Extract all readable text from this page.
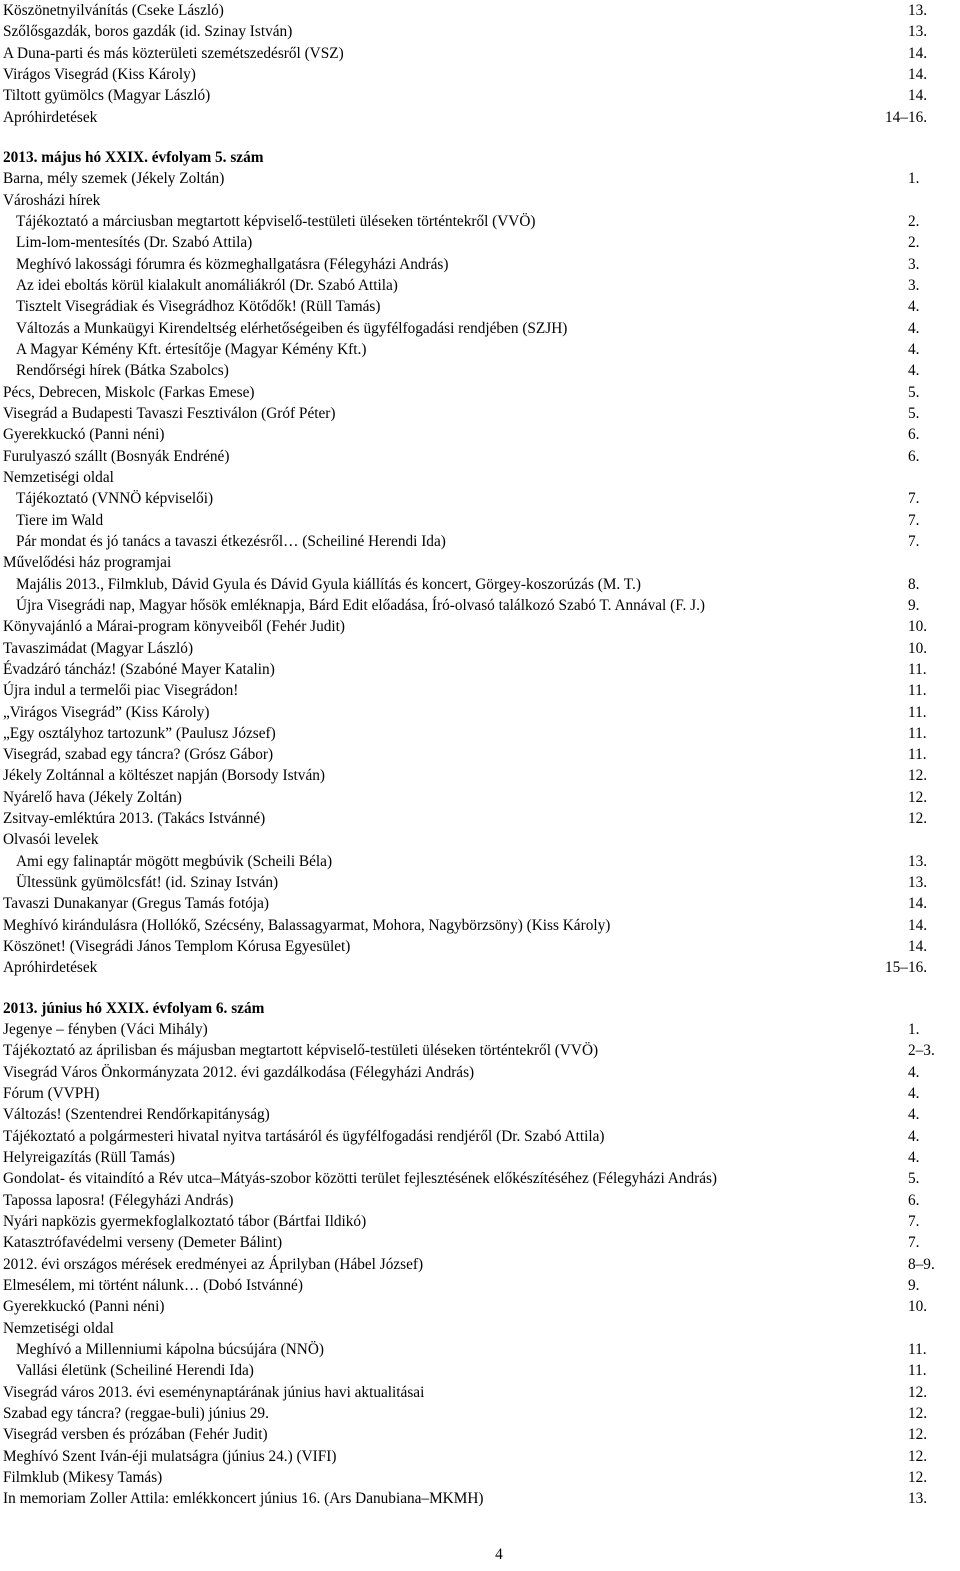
Köszönetnyilvánítás (Cseke László)	13.
Szőlősgazdák, boros gazdák (id. Szinay István)	13.
A Duna-parti és más közterületi szemétszedésről (VSZ)	14.
Virágos Visegrád (Kiss Károly)	14.
Tiltott gyümölcs (Magyar László)	14.
Apróhirdetések	14–16.
2013. május hó XXIX. évfolyam 5. szám
Barna, mély szemek (Jékely Zoltán)	1.
Városházi hírek
Tájékoztató a márciusban megtartott képviselő-testületi üléseken történtekről (VVÖ)	2.
Lim-lom-mentesítés (Dr. Szabó Attila)	2.
Meghívó lakossági fórumra és közmeghallgatásra (Félegyházi András)	3.
Az idei eboltás körül kialakult anomáliákról (Dr. Szabó Attila)	3.
Tisztelt Visegrádiak és Visegrádhoz Kötődők! (Rüll Tamás)	4.
Változás a Munkaügyi Kirendeltség elérhetőségeiben és ügyfélfogadási rendjében (SZJH)	4.
A Magyar Kémény Kft. értesítője (Magyar Kémény Kft.)	4.
Rendőrségi hírek (Bátka Szabolcs)	4.
Pécs, Debrecen, Miskolc (Farkas Emese)	5.
Visegrád a Budapesti Tavaszi Fesztiválon (Gróf Péter)	5.
Gyerekkuckó (Panni néni)	6.
Furulyaszó szállt (Bosnyák Endréné)	6.
Nemzetiségi oldal
Tájékoztató (VNNÖ képviselői)	7.
Tiere im Wald	7.
Pár mondat és jó tanács a tavaszi étkezésről… (Scheiliné Herendi Ida)	7.
Művelődési ház programjai
Majális 2013., Filmklub, Dávid Gyula és Dávid Gyula kiállítás és koncert, Görgey-koszorúzás (M. T.)	8.
Újra Visegrádi nap, Magyar hősök emléknapja, Bárd Edit előadása, Író-olvasó találkozó Szabó T. Annával (F. J.)	9.
Könyvajánló a Márai-program könyveiből (Fehér Judit)	10.
Tavaszimádat (Magyar László)	10.
Évadzáró táncház! (Szabóné Mayer Katalin)	11.
Újra indul a termelői piac Visegrádon!	11.
„Virágos Visegrád” (Kiss Károly)	11.
„Egy osztályhoz tartozunk” (Paulusz József)	11.
Visegrád, szabad egy táncra? (Grósz Gábor)	11.
Jékely Zoltánnal a költészet napján (Borsody István)	12.
Nyárelő hava (Jékely Zoltán)	12.
Zsitvay-emléktúra 2013. (Takács Istvánné)	12.
Olvasói levelek
Ami egy falinaptár mögött megbúvik (Scheili Béla)	13.
Ültessünk gyümölcsfát! (id. Szinay István)	13.
Tavaszi Dunakanyar (Gregus Tamás fotója)	14.
Meghívó kirándulásra (Hollókő, Szécsény, Balassagyarmat, Mohora, Nagybörzsöny) (Kiss Károly)	14.
Köszönet! (Visegrádi János Templom Kórusa Egyesület)	14.
Apróhirdetések	15–16.
2013. június hó XXIX. évfolyam 6. szám
Jegenye – fényben (Váci Mihály)	1.
Tájékoztató az áprilisban és májusban megtartott képviselő-testületi üléseken történtekről (VVÖ)	2–3.
Visegrád Város Önkormányzata 2012. évi gazdálkodása (Félegyházi András)	4.
Fórum (VVPH)	4.
Változás! (Szentendrei Rendőrkapitányság)	4.
Tájékoztató a polgármesteri hivatal nyitva tartásáról és ügyfélfogadási rendjéről (Dr. Szabó Attila)	4.
Helyreigazítás (Rüll Tamás)	4.
Gondolat- és vitaindító a Rév utca–Mátyás-szobor közötti terület fejlesztésének előkészítéséhez (Félegyházi András)	5.
Tapossa laposra! (Félegyházi András)	6.
Nyári napközis gyermekfoglalkoztató tábor (Bártfai Ildikó)	7.
Katasztrófavédelmi verseny (Demeter Bálint)	7.
2012. évi országos mérések eredményei az Áprilyban (Hábel József)	8–9.
Elmesélem, mi történt nálunk… (Dobó Istvánné)	9.
Gyerekkuckó (Panni néni)	10.
Nemzetiségi oldal
Meghívó a Millenniumi kápolna búcsújára (NNÖ)	11.
Vallási életünk (Scheiliné Herendi Ida)	11.
Visegrád város 2013. évi eseménynaptárának június havi aktualitásai	12.
Szabad egy táncra? (reggae-buli) június 29.	12.
Visegrád versben és prózában (Fehér Judit)	12.
Meghívó Szent Iván-éji mulatságra (június 24.) (VIFI)	12.
Filmklub (Mikesy Tamás)	12.
In memoriam Zoller Attila: emlékkoncert június 16. (Ars Danubiana–MKMH)	13.
4
